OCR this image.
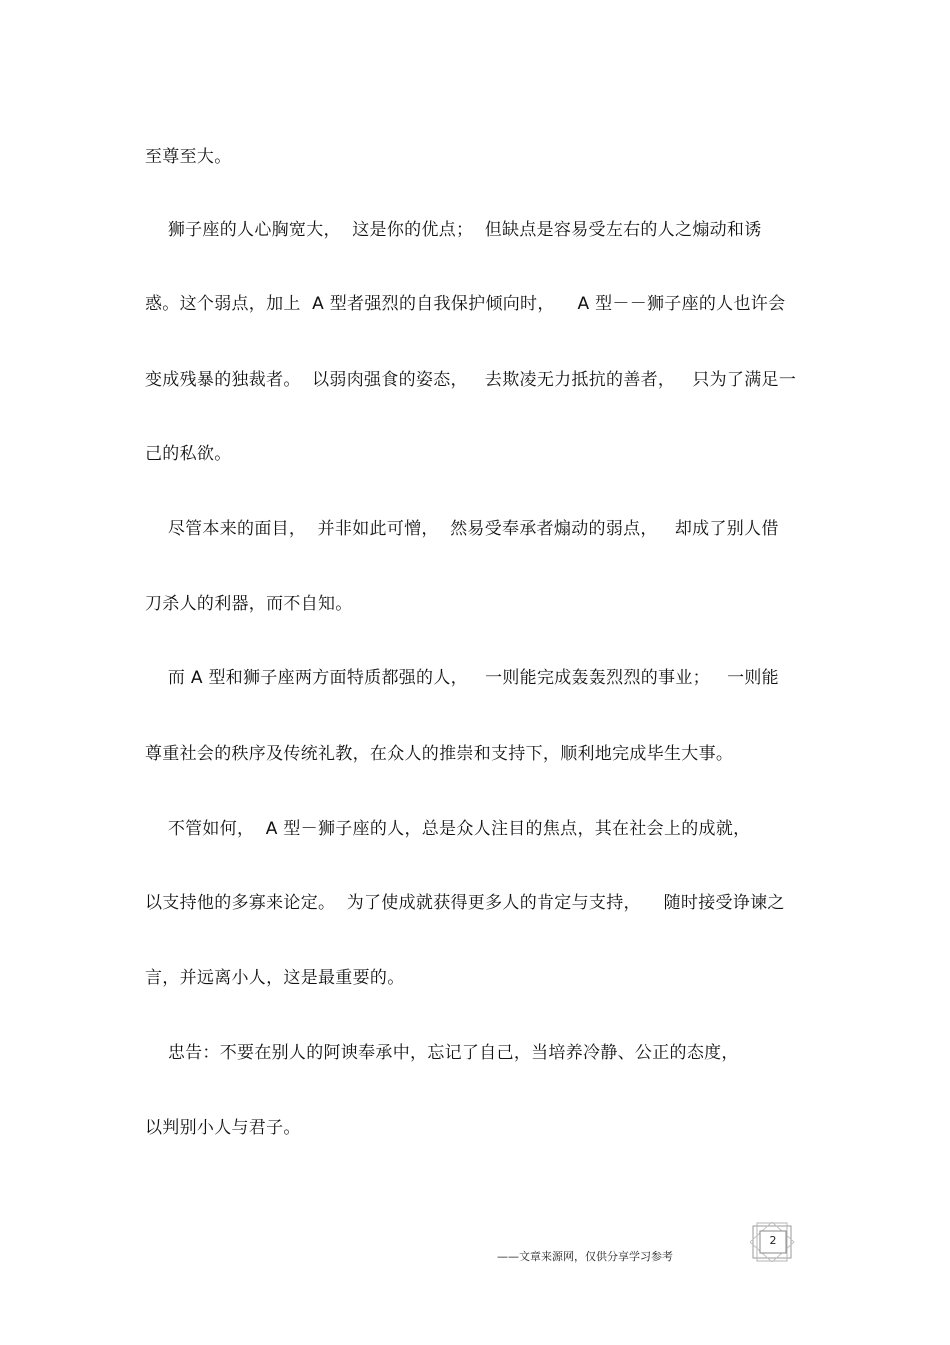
至尊至大。
狮子座的人心胸宽大，  这是你的优点；  但缺点是容易受左右的人之煽动和诱
惑。这个弱点，加上  A 型者强烈的自我保护倾向时，    A 型－－狮子座的人也许会
变成残暴的独裁者。  以弱肉强食的姿态，   去欺凌无力抵抗的善者，   只为了满足一
己的私欲。
尽管本来的面目，  并非如此可憎，  然易受奉承者煽动的弱点，   却成了别人借
刀杀人的利器，而不自知。
而 A 型和狮子座两方面特质都强的人，   一则能完成轰轰烈烈的事业；   一则能
尊重社会的秩序及传统礼教，在众人的推崇和支持下，顺利地完成毕生大事。
不管如何，  A 型－狮子座的人，总是众人注目的焦点，其在社会上的成就，
以支持他的多寡来论定。  为了使成就获得更多人的肯定与支持，    随时接受诤谏之
言，并远离小人，这是最重要的。
忠告：不要在别人的阿谀奉承中，忘记了自己，当培养冷静、公正的态度，
以判别小人与君子。
——文章来源网，仅供分享学习参考
2
